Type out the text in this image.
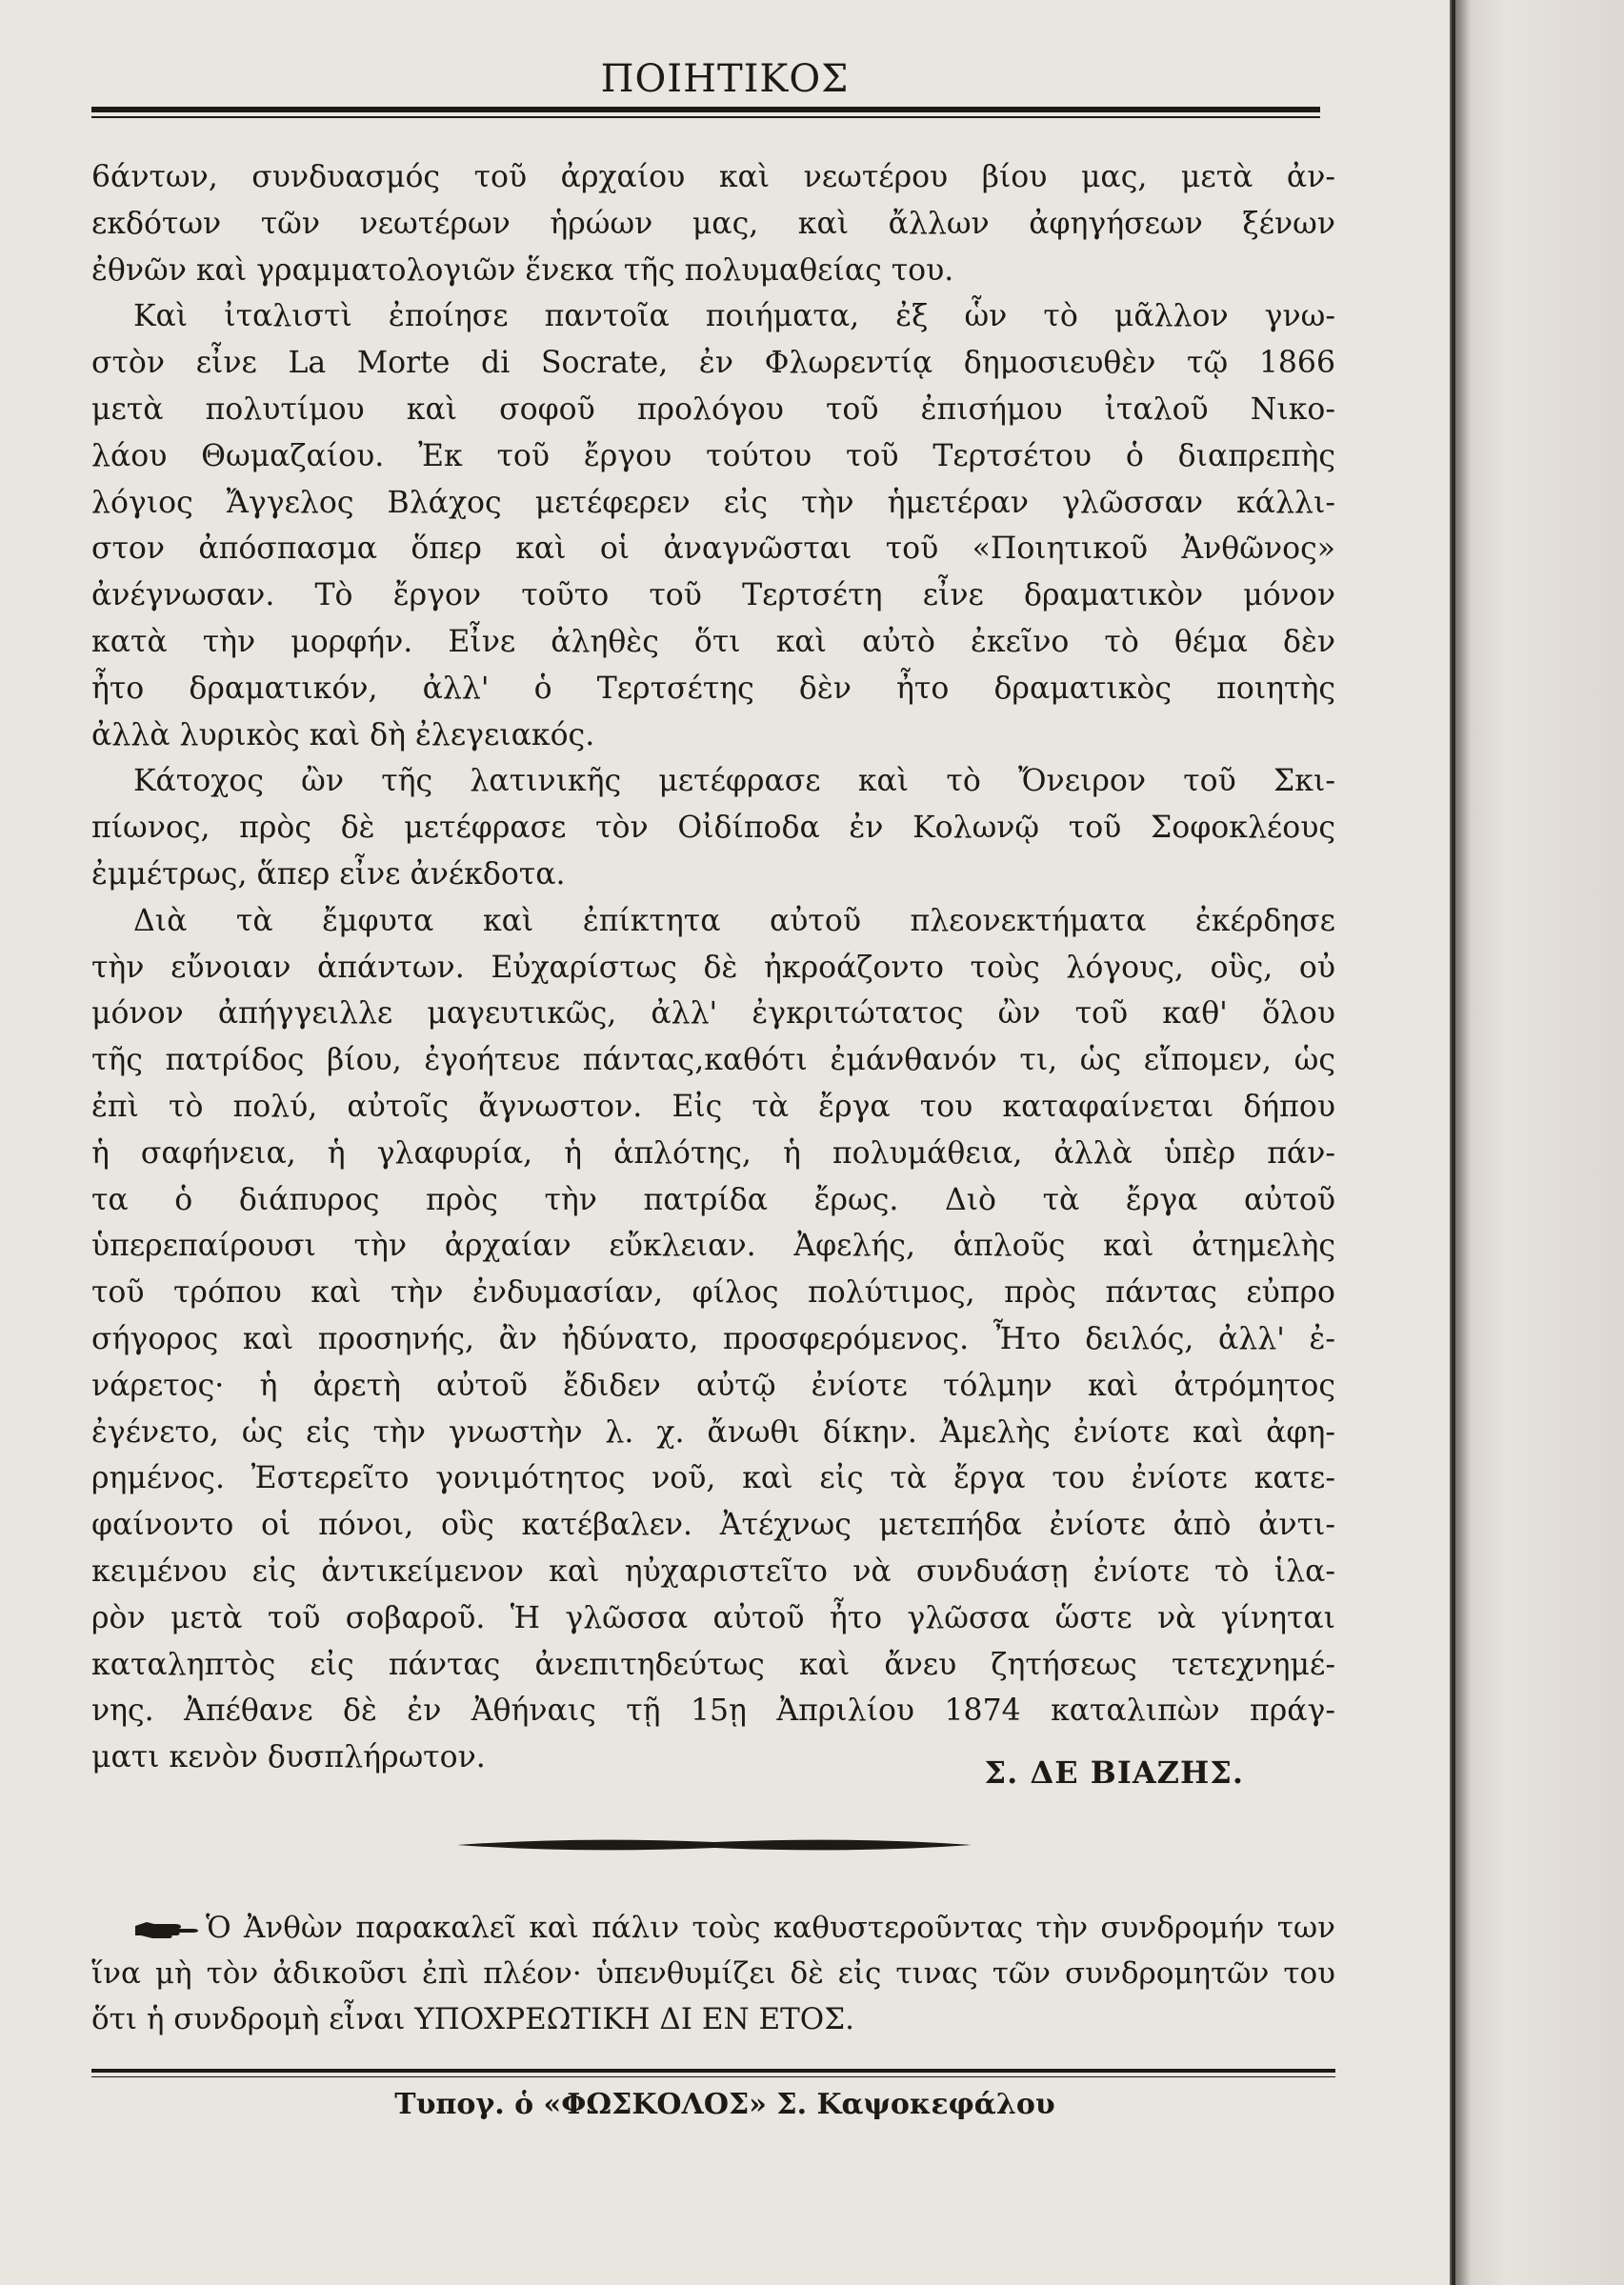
ΠΟΙΗΤΙΚΟΣ
6άντων, συνδυασμός τοῦ ἀρχαίου καὶ νεωτέρου βίου μας, μετὰ ἀν-
εκδότων τῶν νεωτέρων ἡρώων μας, καὶ ἄλλων ἀφηγήσεων ξένων
ἐθνῶν καὶ γραμματολογιῶν ἕνεκα τῆς πολυμαθείας του.
Καὶ ἰταλιστὶ ἐποίησε παντοῖα ποιήματα, ἐξ ὧν τὸ μᾶλλον γνω-
στὸν εἶνε La Morte di Socrate, ἐν Φλωρεντίᾳ δημοσιευθὲν τῷ 1866
μετὰ πολυτίμου καὶ σοφοῦ προλόγου τοῦ ἐπισήμου ἰταλοῦ Νικο-
λάου Θωμαζαίου. Ἐκ τοῦ ἔργου τούτου τοῦ Τερτσέτου ὁ διαπρεπὴς
λόγιος Ἄγγελος Βλάχος μετέφερεν εἰς τὴν ἡμετέραν γλῶσσαν κάλλι-
στον ἀπόσπασμα ὅπερ καὶ οἱ ἀναγνῶσται τοῦ «Ποιητικοῦ Ἀνθῶνος»
ἀνέγνωσαν. Τὸ ἔργον τοῦτο τοῦ Τερτσέτη εἶνε δραματικὸν μόνον
κατὰ τὴν μορφήν. Εἶνε ἀληθὲς ὅτι καὶ αὐτὸ ἐκεῖνο τὸ θέμα δὲν
ἦτο δραματικόν, ἀλλ' ὁ Τερτσέτης δὲν ἦτο δραματικὸς ποιητὴς
ἀλλὰ λυρικὸς καὶ δὴ ἐλεγειακός.
Κάτοχος ὢν τῆς λατινικῆς μετέφρασε καὶ τὸ Ὄνειρον τοῦ Σκι-
πίωνος, πρὸς δὲ μετέφρασε τὸν Οἰδίποδα ἐν Κολωνῷ τοῦ Σοφοκλέους
ἐμμέτρως, ἅπερ εἶνε ἀνέκδοτα.
Διὰ τὰ ἔμφυτα καὶ ἐπίκτητα αὐτοῦ πλεονεκτήματα ἐκέρδησε
τὴν εὔνοιαν ἁπάντων. Εὐχαρίστως δὲ ἠκροάζοντο τοὺς λόγους, οὓς, οὐ
μόνον ἀπήγγειλλε μαγευτικῶς, ἀλλ' ἐγκριτώτατος ὢν τοῦ καθ' ὅλου
τῆς πατρίδος βίου, ἐγοήτευε πάντας,καθότι ἐμάνθανόν τι, ὡς εἴπομεν, ὡς
ἐπὶ τὸ πολύ, αὐτοῖς ἄγνωστον. Εἰς τὰ ἔργα του καταφαίνεται δήπου
ἡ σαφήνεια, ἡ γλαφυρία, ἡ ἁπλότης, ἡ πολυμάθεια, ἀλλὰ ὑπὲρ πάν-
τα ὁ διάπυρος πρὸς τὴν πατρίδα ἔρως. Διὸ τὰ ἔργα αὐτοῦ
ὑπερεπαίρουσι τὴν ἀρχαίαν εὔκλειαν. Ἀφελής, ἁπλοῦς καὶ ἀτημελὴς
τοῦ τρόπου καὶ τὴν ἐνδυμασίαν, φίλος πολύτιμος, πρὸς πάντας εὐπρο
σήγορος καὶ προσηνής, ἂν ἠδύνατο, προσφερόμενος. Ἦτο δειλός, ἀλλ' ἐ-
νάρετος· ἡ ἀρετὴ αὐτοῦ ἔδιδεν αὐτῷ ἐνίοτε τόλμην καὶ ἀτρόμητος
ἐγένετο, ὡς εἰς τὴν γνωστὴν λ. χ. ἄνωθι δίκην. Ἀμελὴς ἐνίοτε καὶ ἀφη-
ρημένος. Ἐστερεῖτο γονιμότητος νοῦ, καὶ εἰς τὰ ἔργα του ἐνίοτε κατε-
φαίνοντο οἱ πόνοι, οὓς κατέβαλεν. Ἀτέχνως μετεπήδα ἐνίοτε ἀπὸ ἀντι-
κειμένου εἰς ἀντικείμενον καὶ ηὐχαριστεῖτο νὰ συνδυάσῃ ἐνίοτε τὸ ἱλα-
ρὸν μετὰ τοῦ σοβαροῦ. Ἡ γλῶσσα αὐτοῦ ἦτο γλῶσσα ὥστε νὰ γίνηται
καταληπτὸς εἰς πάντας ἀνεπιτηδεύτως καὶ ἄνευ ζητήσεως τετεχνημέ-
νης. Ἀπέθανε δὲ ἐν Ἀθήναις τῇ 15ῃ Ἀπριλίου 1874 καταλιπὼν πράγ-
ματι κενὸν δυσπλήρωτον.	Σ. ΔΕ ΒΙΑΖΗΣ.
Ὁ Ἀνθὼν παρακαλεῖ καὶ πάλιν τοὺς καθυστεροῦντας τὴν συνδρομήν των
ἵνα μὴ τὸν ἀδικοῦσι ἐπὶ πλέον· ὑπενθυμίζει δὲ εἰς τινας τῶν συνδρομητῶν του
ὅτι ἡ συνδρομὴ εἶναι ΥΠΟΧΡΕΩΤΙΚΗ ΔΙ ΕΝ ΕΤΟΣ.
Τυπογ. ὁ «ΦΩΣΚΟΛΟΣ» Σ. Καψοκεφάλου
